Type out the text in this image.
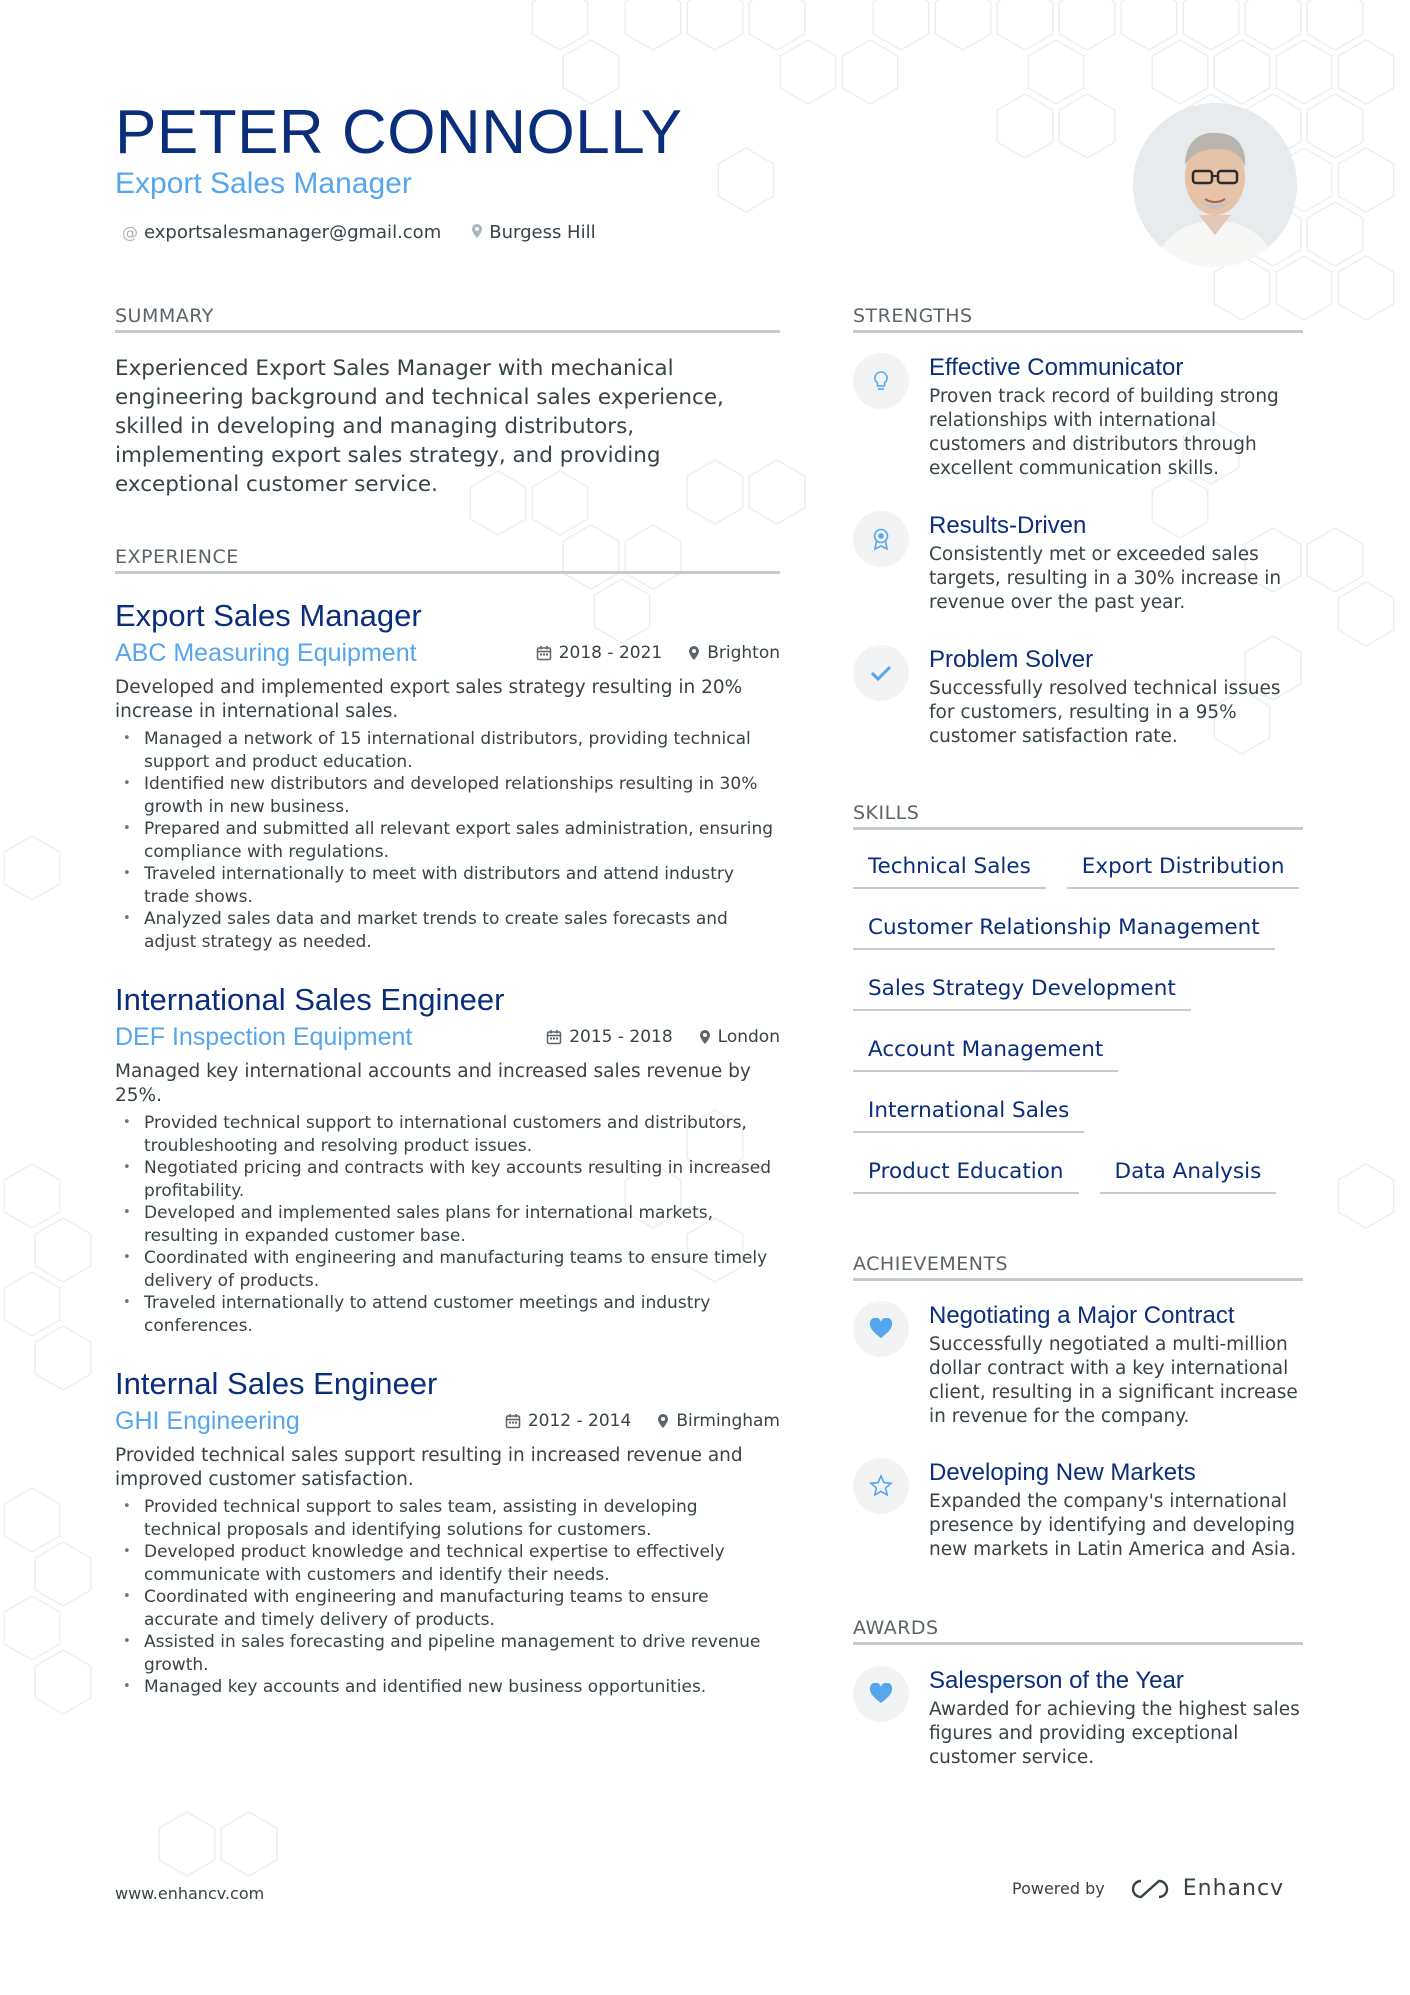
PETER CONNOLLY
Export Sales Manager
@ exportsalesmanager@gmail.com	Burgess Hill
SUMMARY

Experienced Export Sales Manager with mechanical engineering background and technical sales experience, skilled in developing and managing distributors, implementing export sales strategy, and providing exceptional customer service.

EXPERIENCE
Export Sales Manager
ABC Measuring Equipment	2018 - 2021	Brighton

Developed and implemented export sales strategy resulting in 20% increase in international sales.

• Managed a network of 15 international distributors, providing technical support and product education.
• Identified new distributors and developed relationships resulting in 30% growth in new business.
• Prepared and submitted all relevant export sales administration, ensuring compliance with regulations.
• Traveled internationally to meet with distributors and attend industry trade shows.
• Analyzed sales data and market trends to create sales forecasts and adjust strategy as needed.
International Sales Engineer
DEF Inspection Equipment	2015 - 2018	London

Managed key international accounts and increased sales revenue by 25%.

• Provided technical support to international customers and distributors, troubleshooting and resolving product issues.
• Negotiated pricing and contracts with key accounts resulting in increased profitability.
• Developed and implemented sales plans for international markets, resulting in expanded customer base.
• Coordinated with engineering and manufacturing teams to ensure timely delivery of products.
• Traveled internationally to attend customer meetings and industry conferences.
Internal Sales Engineer
GHI Engineering	2012 - 2014	Birmingham

Provided technical sales support resulting in increased revenue and improved customer satisfaction.

• Provided technical support to sales team, assisting in developing technical proposals and identifying solutions for customers.
• Developed product knowledge and technical expertise to effectively communicate with customers and identify their needs.
• Coordinated with engineering and manufacturing teams to ensure accurate and timely delivery of products.
• Assisted in sales forecasting and pipeline management to drive revenue growth.
• Managed key accounts and identified new business opportunities.
STRENGTHS
Effective Communicator
Proven track record of building strong relationships with international customers and distributors through excellent communication skills.
Results-Driven
Consistently met or exceeded sales targets, resulting in a 30% increase in revenue over the past year.
Problem Solver
Successfully resolved technical issues for customers, resulting in a 95% customer satisfaction rate.
SKILLS
Technical Sales	Export Distribution
Customer Relationship Management
Sales Strategy Development
Account Management
International Sales
Product Education	Data Analysis
ACHIEVEMENTS
Negotiating a Major Contract
Successfully negotiated a multi-million dollar contract with a key international client, resulting in a significant increase in revenue for the company.
Developing New Markets
Expanded the company's international presence by identifying and developing new markets in Latin America and Asia.
AWARDS
Salesperson of the Year
Awarded for achieving the highest sales figures and providing exceptional customer service.
www.enhancv.com	Powered by	Enhancv
